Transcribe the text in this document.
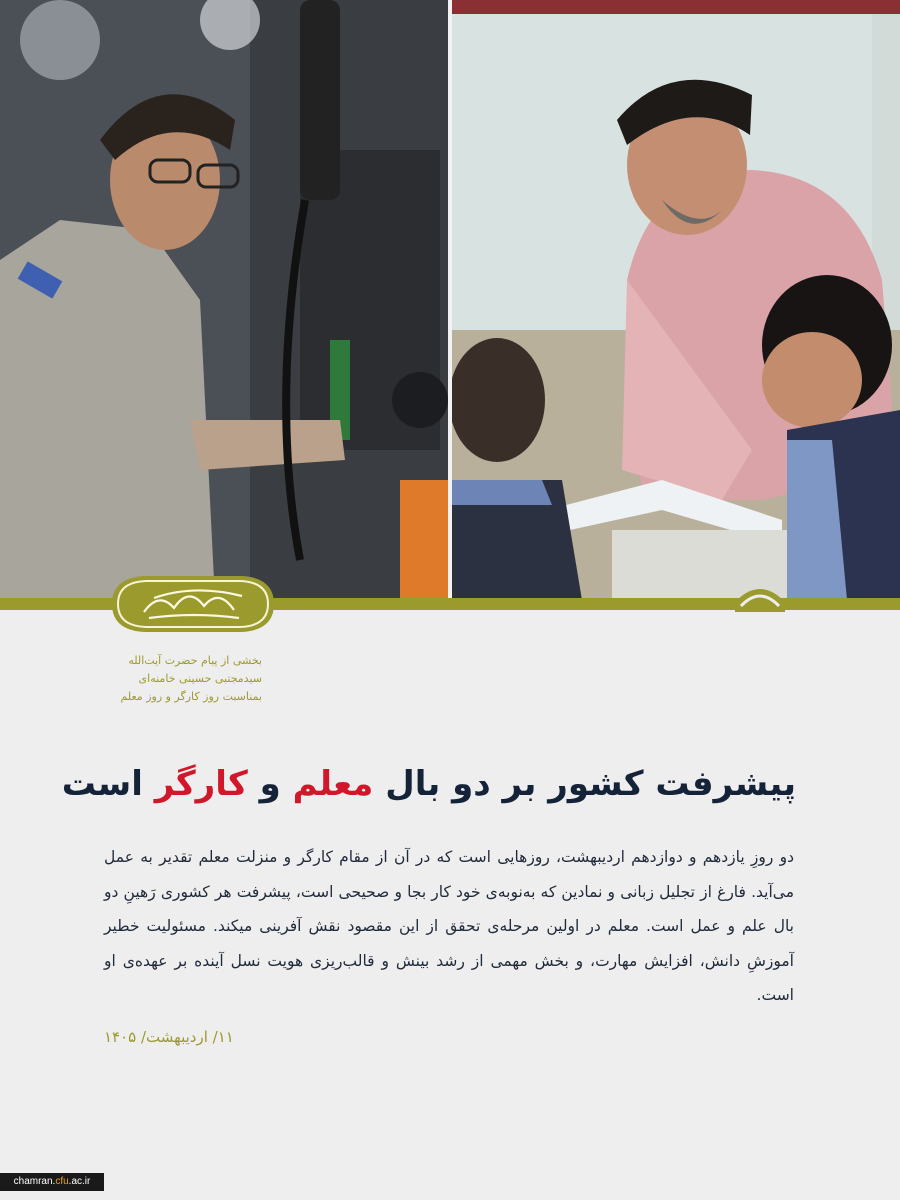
بخشی از پیام حضرت آیت‌الله
سیدمجتبی حسینی خامنه‌ای
بمناسبت روز کارگر و روز معلم
پیشرفت کشور بر دو بال معلم و کارگر است
دو روزِ یازدهم و دوازدهم اردیبهشت، روزهایی است که در آن از مقام کارگر و منزلت معلم تقدیر به عمل می‌آید. فارغ از تجلیل زبانی و نمادین که به‌نوبه‌ی خود کار بجا و صحیحی است، پیشرفت هر کشوری رَهینِ دو بال علم و عمل است. معلم در اولین مرحله‌ی تحقق از این مقصود نقش آفرینی میکند. مسئولیت خطیر آموزشِ دانش، افزایش مهارت، و بخش مهمی از رشد بینش و قالب‌ریزی هویت نسل آینده بر عهده‌ی او است.
۱۱/ اردیبهشت/ ۱۴۰۵
chamran.cfu.ac.ir
